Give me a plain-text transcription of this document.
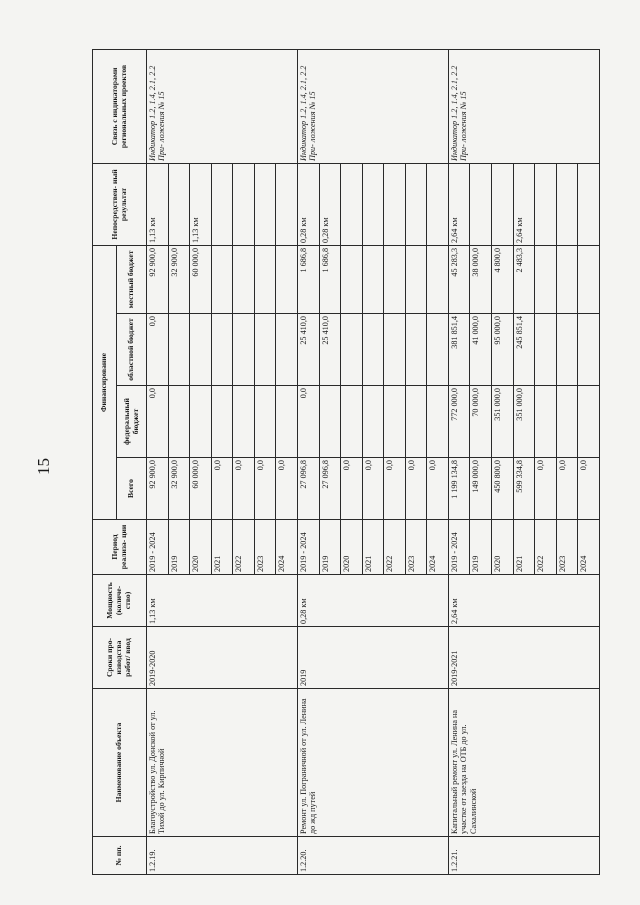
15
№ пп.	Наименование объекта	Сроки про- изводства работ/ ввод	Мощность (количе- ство)	Период реализа- ции	Финансирование				Непосредствен- ный результат	Связь с индикаторами региональных проектов
					Всего	федеральный бюджет	областной бюджет	местный бюджет		
1.2.19.	Благоустройство ул. Донской от ул. Тихой до ул. Кирпичной	2019-2020	1,13 км	2019 - 2024	92 900,0	0,0	0,0	92 900,0	1,13 км	Индикатор 1.2, 1.4, 2.1, 2.2 При- ложения № 15
				2019	32 900,0			32 900,0		
				2020	60 000,0			60 000,0	1,13 км	
				2021	0,0					
				2022	0,0					
				2023	0,0					
				2024	0,0					
1.2.20.	Ремонт ул. Пограничной от ул. Ленина до жд путей	2019	0,28 км	2019 - 2024	27 096,8	0,0	25 410,0	1 686,8	0,28 км	Индикатор 1.2, 1.4, 2.1, 2.2 При- ложения № 15
				2019	27 096,8		25 410,0	1 686,8	0,28 км	
				2020	0,0					
				2021	0,0					
				2022	0,0					
				2023	0,0					
				2024	0,0					
1.2.21.	Капитальный ремонт ул. Ленина на участке от заезда на ОТБ до ул. Сахалинской	2019-2021	2,64 км	2019 - 2024	1 199 134,8	772 000,0	381 851,4	45 283,3	2,64 км	Индикатор 1.2, 1.4, 2.1, 2.2 При- ложения № 15
				2019	149 000,0	70 000,0	41 000,0	38 000,0		
				2020	450 800,0	351 000,0	95 000,0	4 800,0		
				2021	599 334,8	351 000,0	245 851,4	2 483,3	2,64 км	
				2022	0,0					
				2023	0,0					
				2024	0,0					
